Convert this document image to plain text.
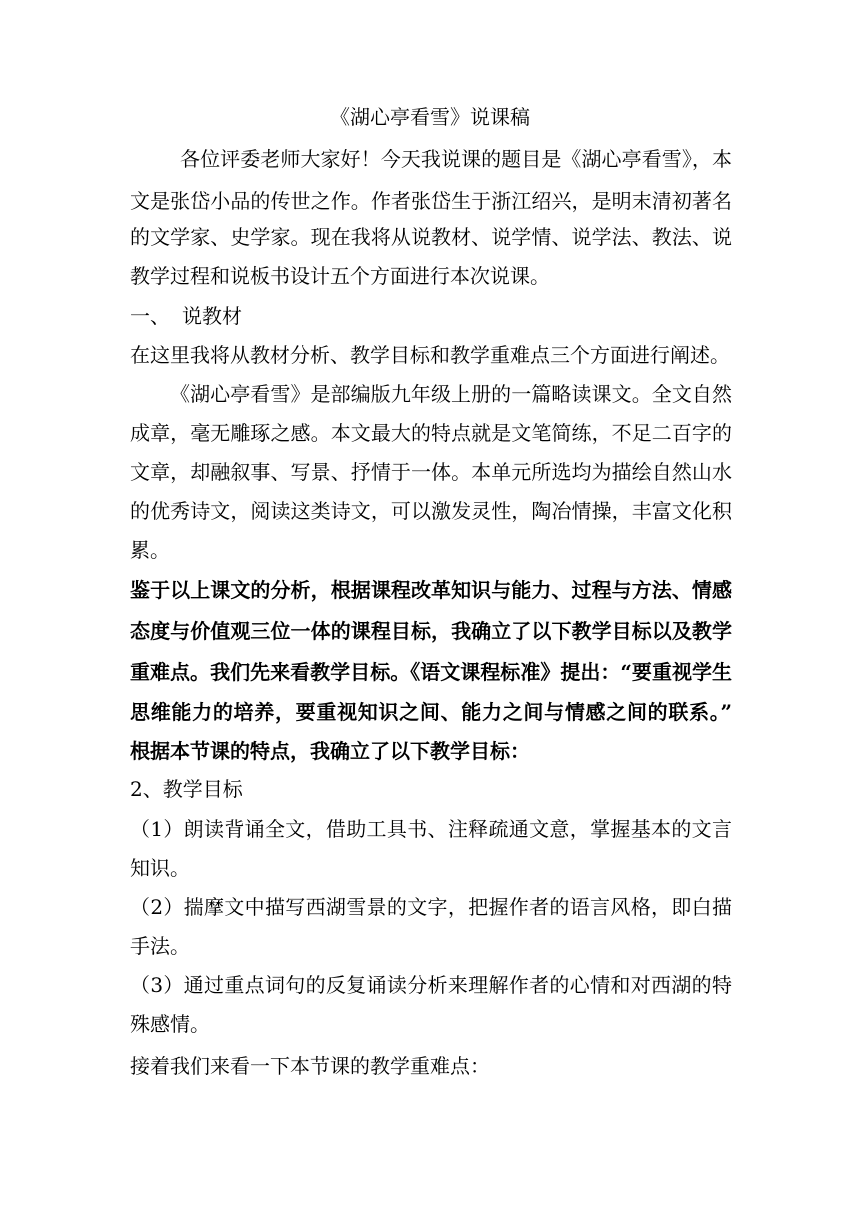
《湖心亭看雪》说课稿
各位评委老师大家好！今天我说课的题目是《湖心亭看雪》，本
文是张岱小品的传世之作。作者张岱生于浙江绍兴，是明末清初著名
的文学家、史学家。现在我将从说教材、说学情、说学法、教法、说
教学过程和说板书设计五个方面进行本次说课。
一、 说教材
在这里我将从教材分析、教学目标和教学重难点三个方面进行阐述。
《湖心亭看雪》是部编版九年级上册的一篇略读课文。全文自然
成章，毫无雕琢之感。本文最大的特点就是文笔简练，不足二百字的
文章，却融叙事、写景、抒情于一体。本单元所选均为描绘自然山水
的优秀诗文，阅读这类诗文，可以激发灵性，陶冶情操，丰富文化积
累。
鉴于以上课文的分析，根据课程改革知识与能力、过程与方法、情感
态度与价值观三位一体的课程目标，我确立了以下教学目标以及教学
重难点。我们先来看教学目标。《语文课程标准》提出：“要重视学生
思维能力的培养，要重视知识之间、能力之间与情感之间的联系。”
根据本节课的特点，我确立了以下教学目标：
2、教学目标
（1）朗读背诵全文，借助工具书、注释疏通文意，掌握基本的文言
知识。
（2）揣摩文中描写西湖雪景的文字，把握作者的语言风格，即白描
手法。
（3）通过重点词句的反复诵读分析来理解作者的心情和对西湖的特
殊感情。
接着我们来看一下本节课的教学重难点：
